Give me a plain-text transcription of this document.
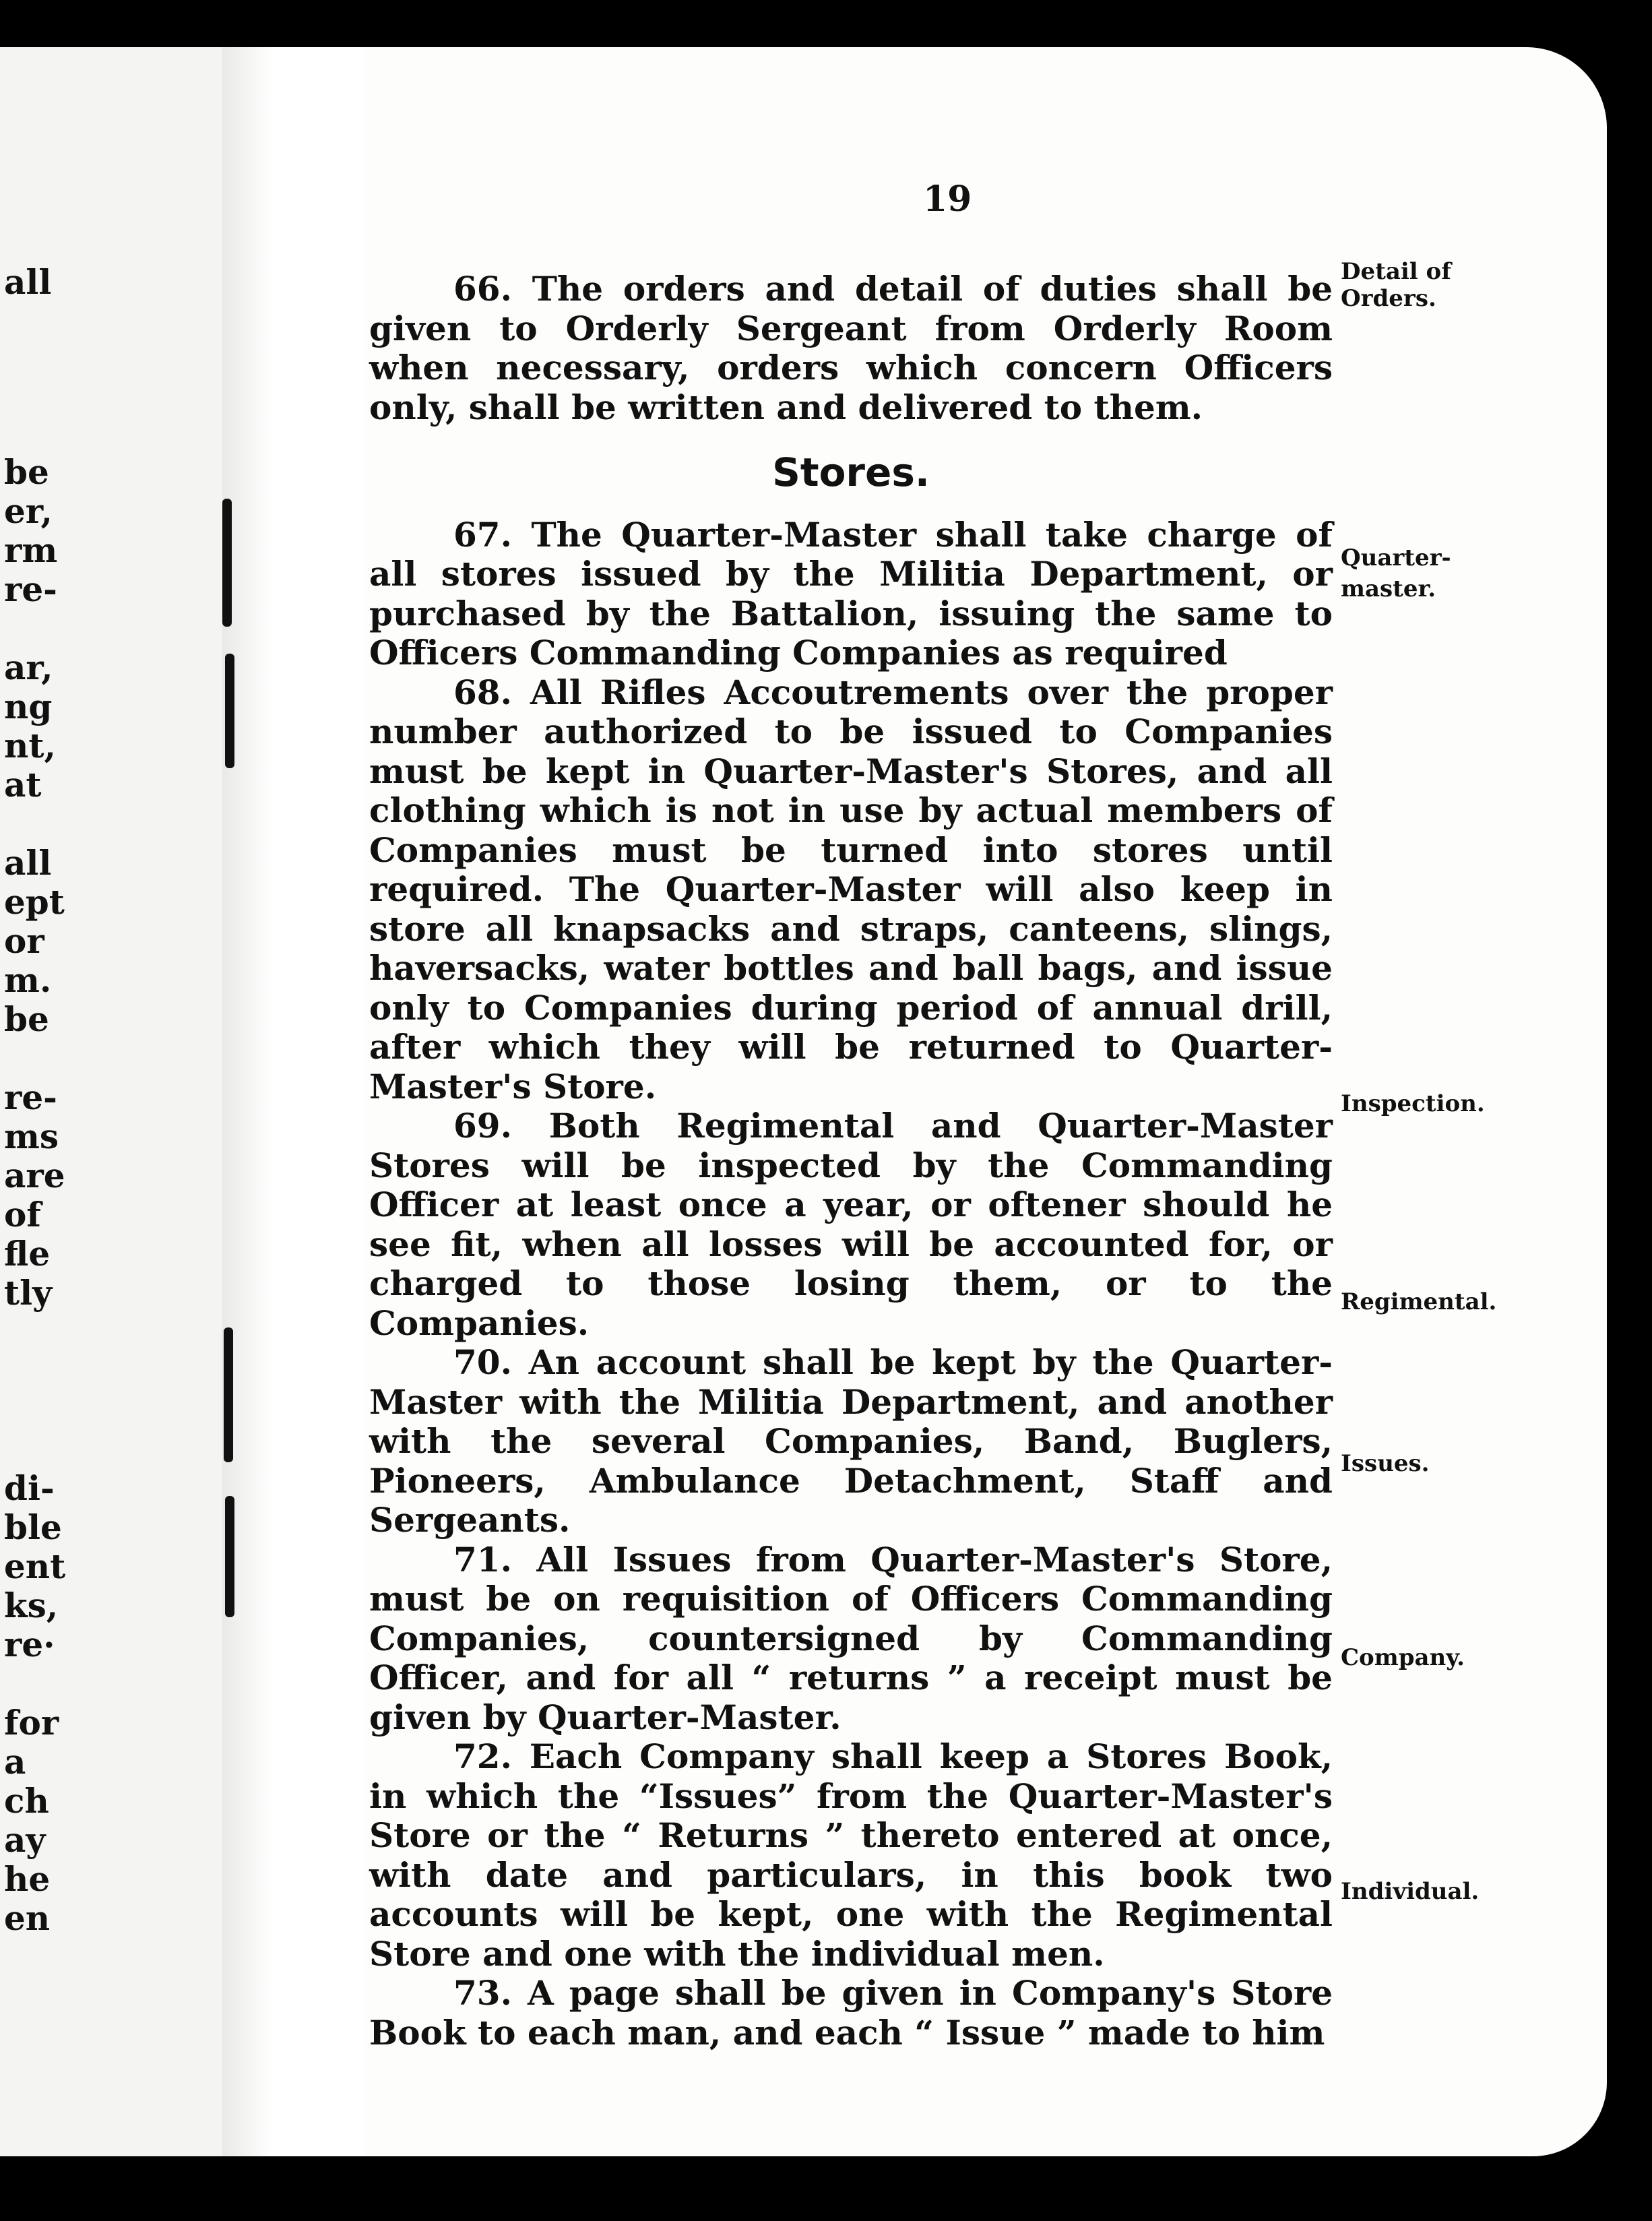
all
be
er,
rm
re-
ar,
ng
nt,
at
all
ept
or
m.
be
re-
ms
are
of
fle
tly
di-
ble
ent
ks,
re·
for
a
ch
ay
he
en
19

66. The orders and detail of duties shall be given to Orderly Sergeant from Orderly Room when necessary, orders which concern Officers only, shall be written and delivered to them.

Stores.

67. The Quarter-Master shall take charge of all stores issued by the Militia Department, or purchased by the Battalion, issuing the same to Officers Commanding Companies as required

68. All Rifles Accoutrements over the proper number authorized to be issued to Companies must be kept in Quarter-Master's Stores, and all clothing which is not in use by actual members of Companies must be turned into stores until required. The Quarter-Master will also keep in store all knapsacks and straps, canteens, slings, haversacks, water bottles and ball bags, and issue only to Companies during period of annual drill, after which they will be returned to Quarter-Master's Store.

69. Both Regimental and Quarter-Master Stores will be inspected by the Commanding Officer at least once a year, or oftener should he see fit, when all losses will be accounted for, or charged to those losing them, or to the Companies.

70. An account shall be kept by the Quarter-Master with the Militia Department, and another with the several Companies, Band, Buglers, Pioneers, Ambulance Detachment, Staff and Sergeants.

71. All Issues from Quarter-Master's Store, must be on requisition of Officers Commanding Companies, countersigned by Commanding Officer, and for all “ returns ” a receipt must be given by Quarter-Master.

72. Each Company shall keep a Stores Book, in which the “Issues” from the Quarter-Master's Store or the “ Returns ” thereto entered at once, with date and particulars, in this book two accounts will be kept, one with the Regimental Store and one with the individual men.

73. A page shall be given in Company's Store Book to each man, and each “ Issue ” made to him

Detail of
Orders.
Quarter-
master.
Inspection.
Regimental.
Issues.
Company.
Individual.
